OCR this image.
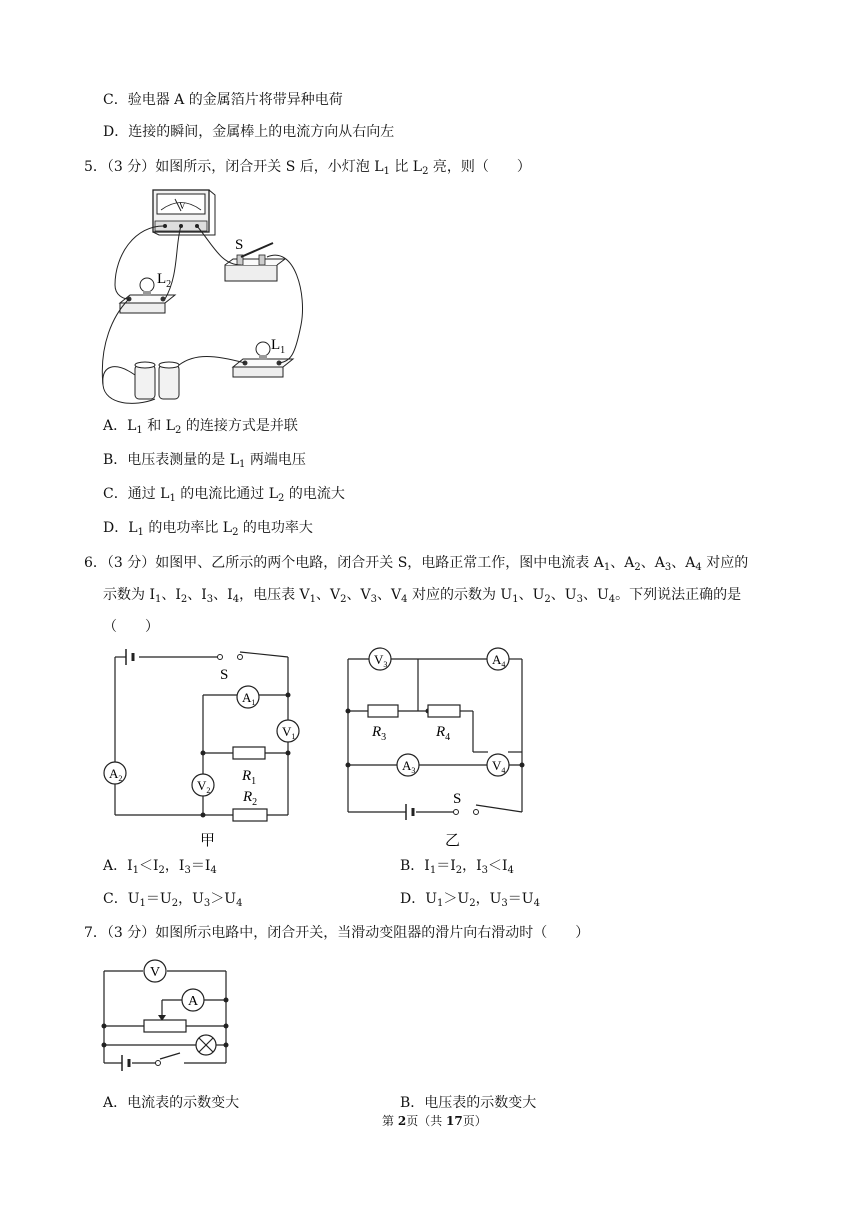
C．验电器 A 的金属箔片将带异种电荷
D．连接的瞬间，金属棒上的电流方向从右向左
5．（3 分）如图所示，闭合开关 S 后，小灯泡 $L_1$ 比 $L_2$ 亮，则（　　）
V
S
$L_2$
$L_1$
A．$L_1$ 和 $L_2$ 的连接方式是并联
B．电压表测量的是 $L_1$ 两端电压
C．通过 $L_1$ 的电流比通过 $L_2$ 的电流大
D．$L_1$ 的电功率比 $L_2$ 的电功率大
6．（3 分）如图甲、乙所示的两个电路，闭合开关 S，电路正常工作，图中电流表 $A_1$、$A_2$、$A_3$、$A_4$ 对应的
示数为 $I_1$、$I_2$、$I_3$、$I_4$，电压表 $V_1$、$V_2$、$V_3$、$V_4$ 对应的示数为 $U_1$、$U_2$、$U_3$、$U_4$。下列说法正确的是
（　　）
S
$A_1$
$V_1$
$A_2$	$V_2$
$R_1$
$R_2$
甲
S
$V_3$	$A_4$
$A_3$	$V_4$
$R_3$	$R_4$
乙
A．$I_1<I_2$，$I_3=I_4$	B．$I_1=I_2$，$I_3<I_4$
C．$U_1=U_2$，$U_3>U_4$	D．$U_1>U_2$，$U_3=U_4$
7．（3 分）如图所示电路中，闭合开关，当滑动变阻器的滑片向右滑动时（　　）
V
A
A．电流表的示数变大	B．电压表的示数变大
第 2页（共 17页）
